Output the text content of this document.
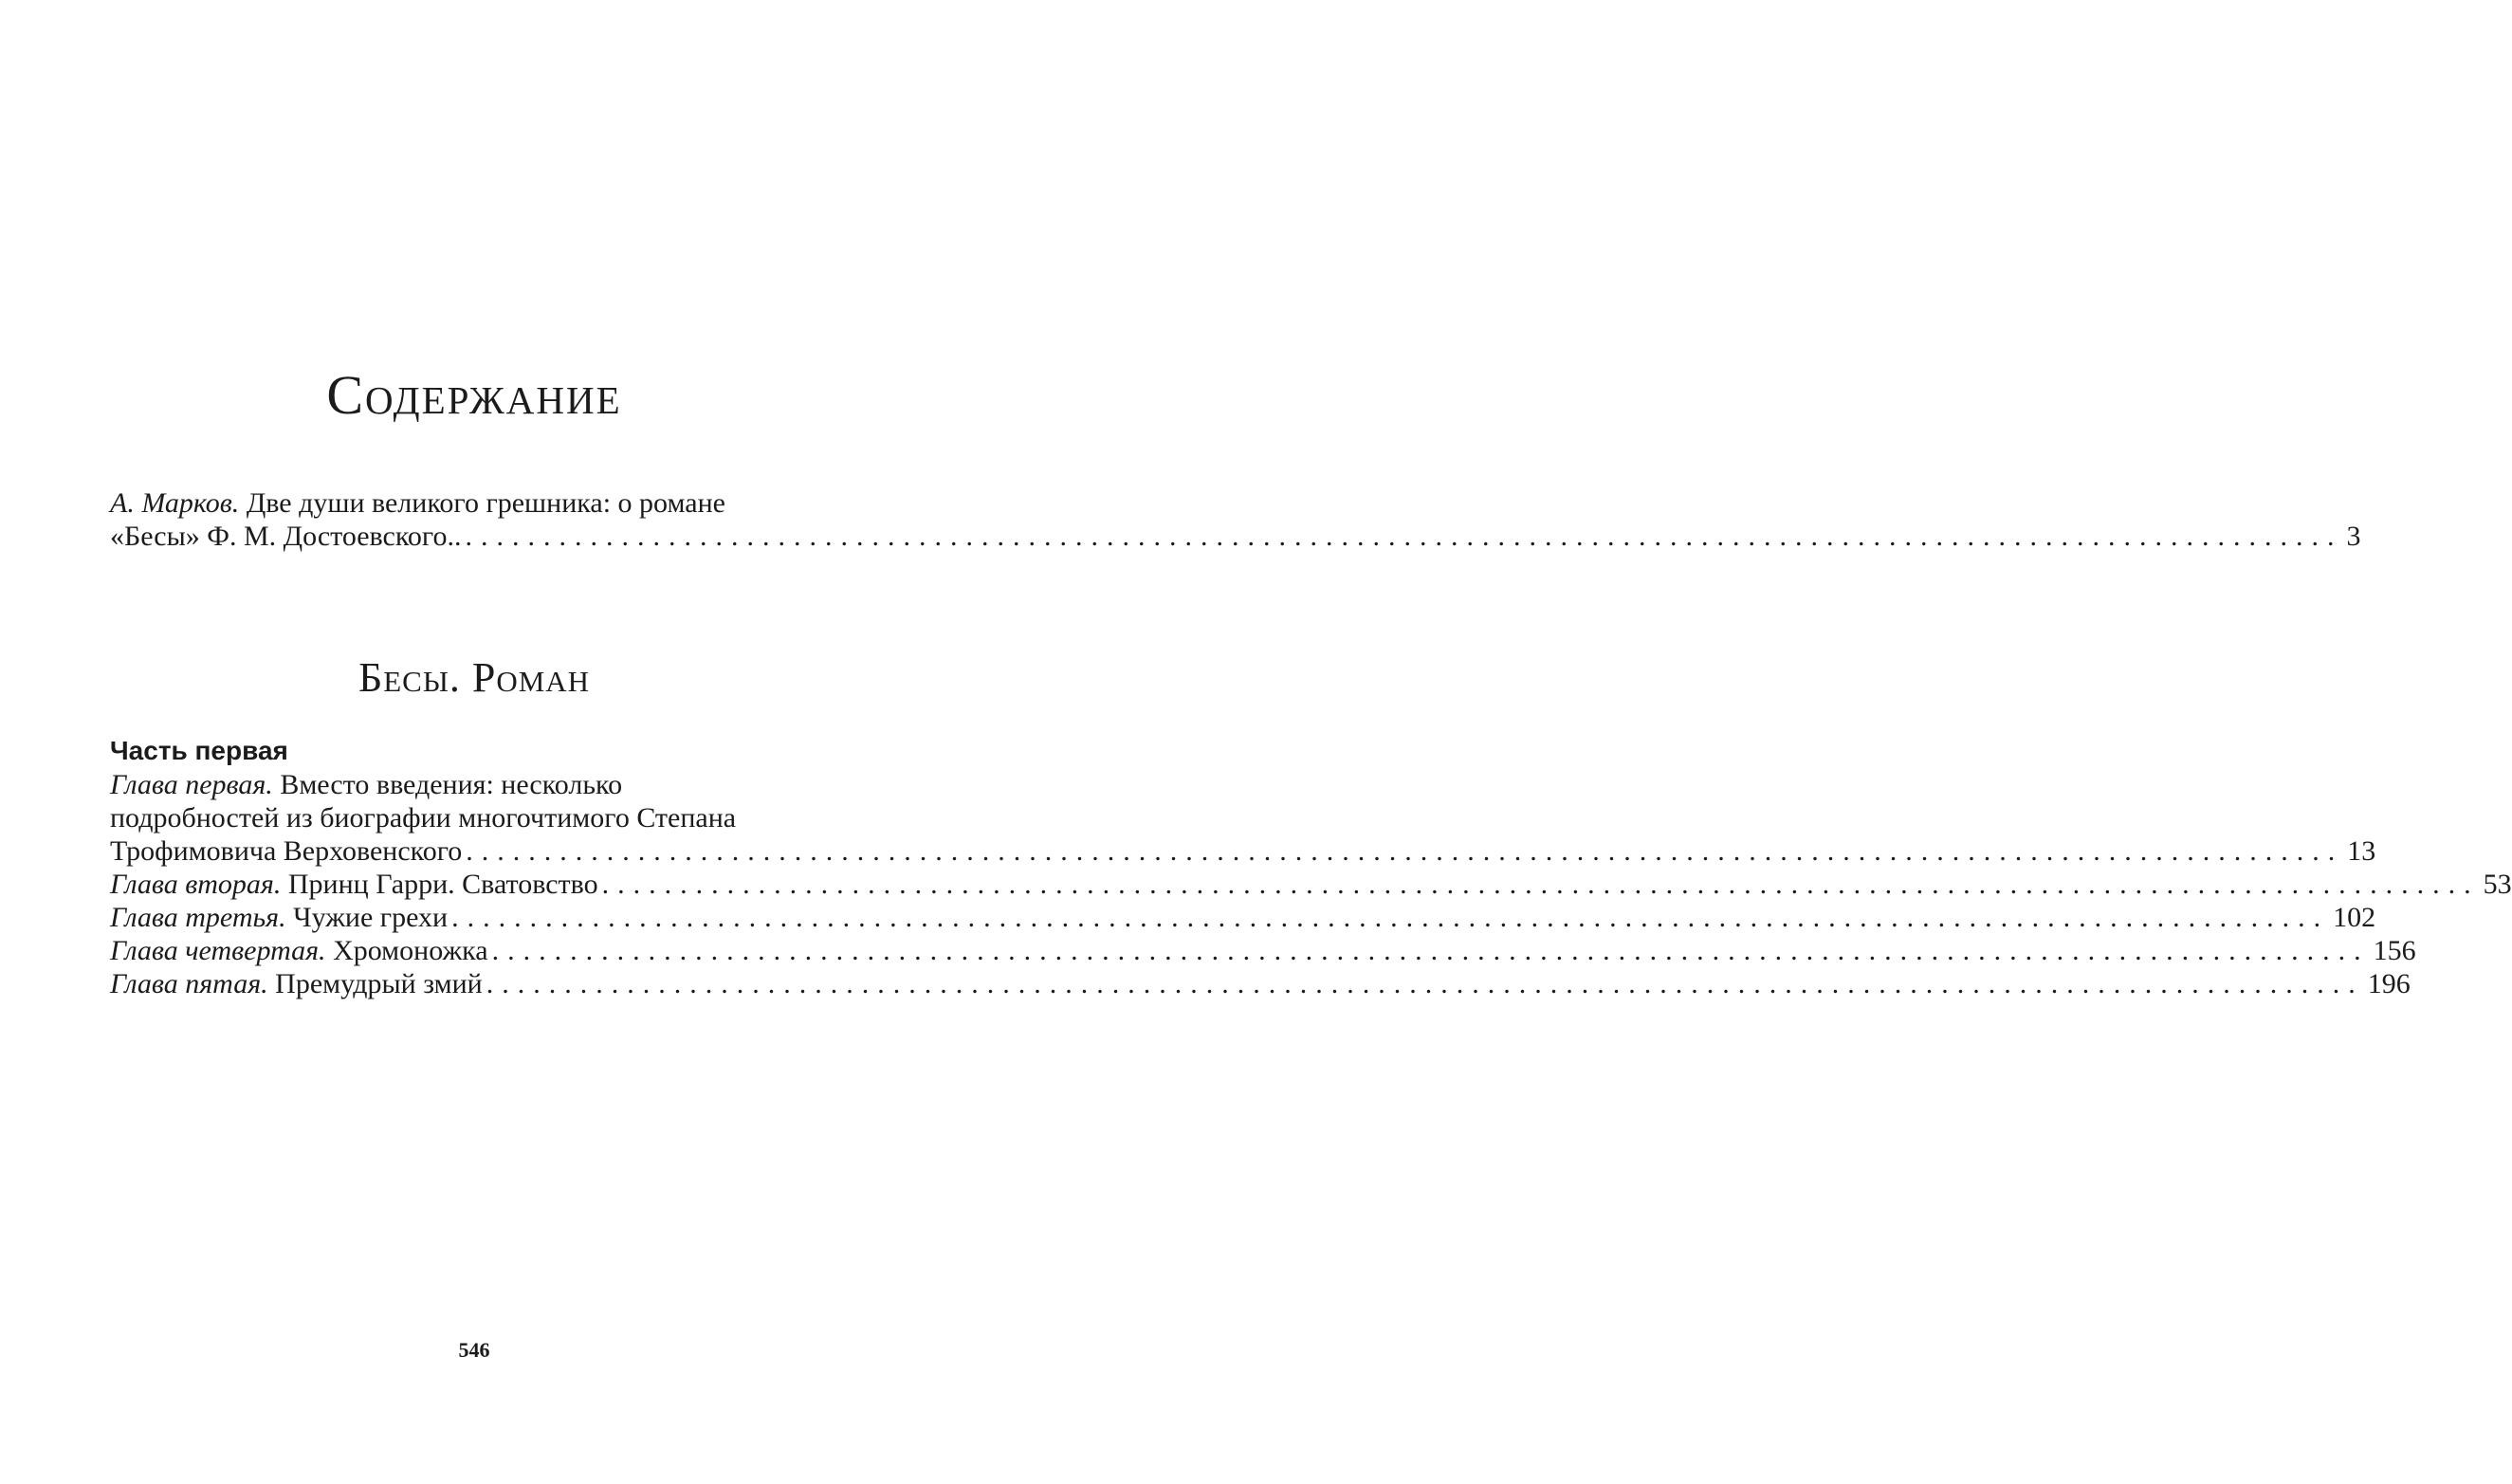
Содержание
А. Марков. Две души великого грешника: о романе
«Бесы» Ф. М. Достоевского.. ........................................................................................................................ 3
Бесы. Роман
Часть первая
Глава первая. Вместо введения: несколько
подробностей из биографии многочтимого Степана
Трофимовича Верховенского ........................................................................................................................ 13
Глава вторая. Принц Гарри. Сватовство ........................................................................................................................ 53
Глава третья. Чужие грехи ........................................................................................................................ 102
Глава четвертая. Хромоножка ........................................................................................................................ 156
Глава пятая. Премудрый змий ........................................................................................................................ 196
546
